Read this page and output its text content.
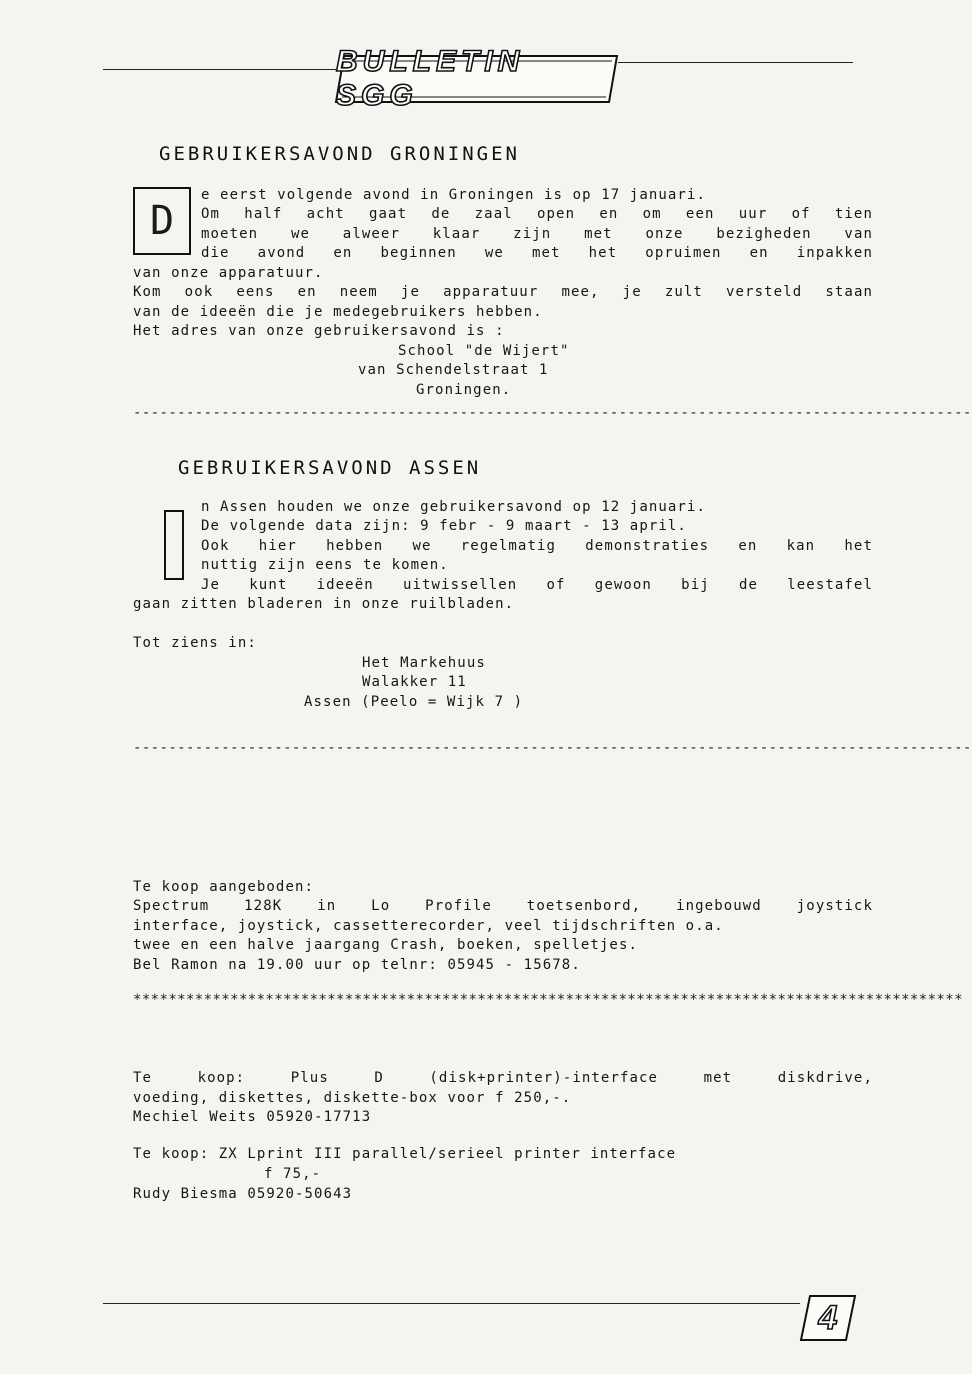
BULLETIN SGG
GEBRUIKERSAVOND GRONINGEN
D
e eerst volgende avond in Groningen is op 17 januari.
Om half acht gaat de zaal open en om een uur of tien
moeten we alweer klaar zijn met onze bezigheden van
die avond en beginnen we met het opruimen en inpakken
van onze apparatuur.
Kom ook eens en neem je apparatuur mee, je zult versteld staan
van de ideeën die je medegebruikers hebben.
Het adres van onze gebruikersavond is :
School "de Wijert"
van Schendelstraat 1
Groningen.
-----------------------------------------------------------------------------------------------
GEBRUIKERSAVOND ASSEN
n Assen houden we onze gebruikersavond op 12 januari.
De volgende data zijn: 9 febr - 9 maart - 13 april.
Ook hier hebben we regelmatig demonstraties en kan het
nuttig zijn eens te komen.
Je kunt ideeën uitwissellen of gewoon bij de leestafel
gaan zitten bladeren in onze ruilbladen.
Tot ziens in:
Het Markehuus
Walakker 11
Assen (Peelo = Wijk 7 )
-----------------------------------------------------------------------------------------------
Te koop aangeboden:
Spectrum 128K in Lo Profile toetsenbord, ingebouwd joystick
interface, joystick, cassetterecorder, veel tijdschriften o.a.
twee en een halve jaargang Crash, boeken, spelletjes.
Bel Ramon na 19.00 uur op telnr: 05945 - 15678.
**********************************************************************************************
Te koop: Plus D (disk+printer)-interface met diskdrive,
voeding, diskettes, diskette-box voor f 250,-.
Mechiel Weits 05920-17713
Te koop: ZX Lprint III parallel/serieel printer interface
f 75,-
Rudy Biesma 05920-50643
4
